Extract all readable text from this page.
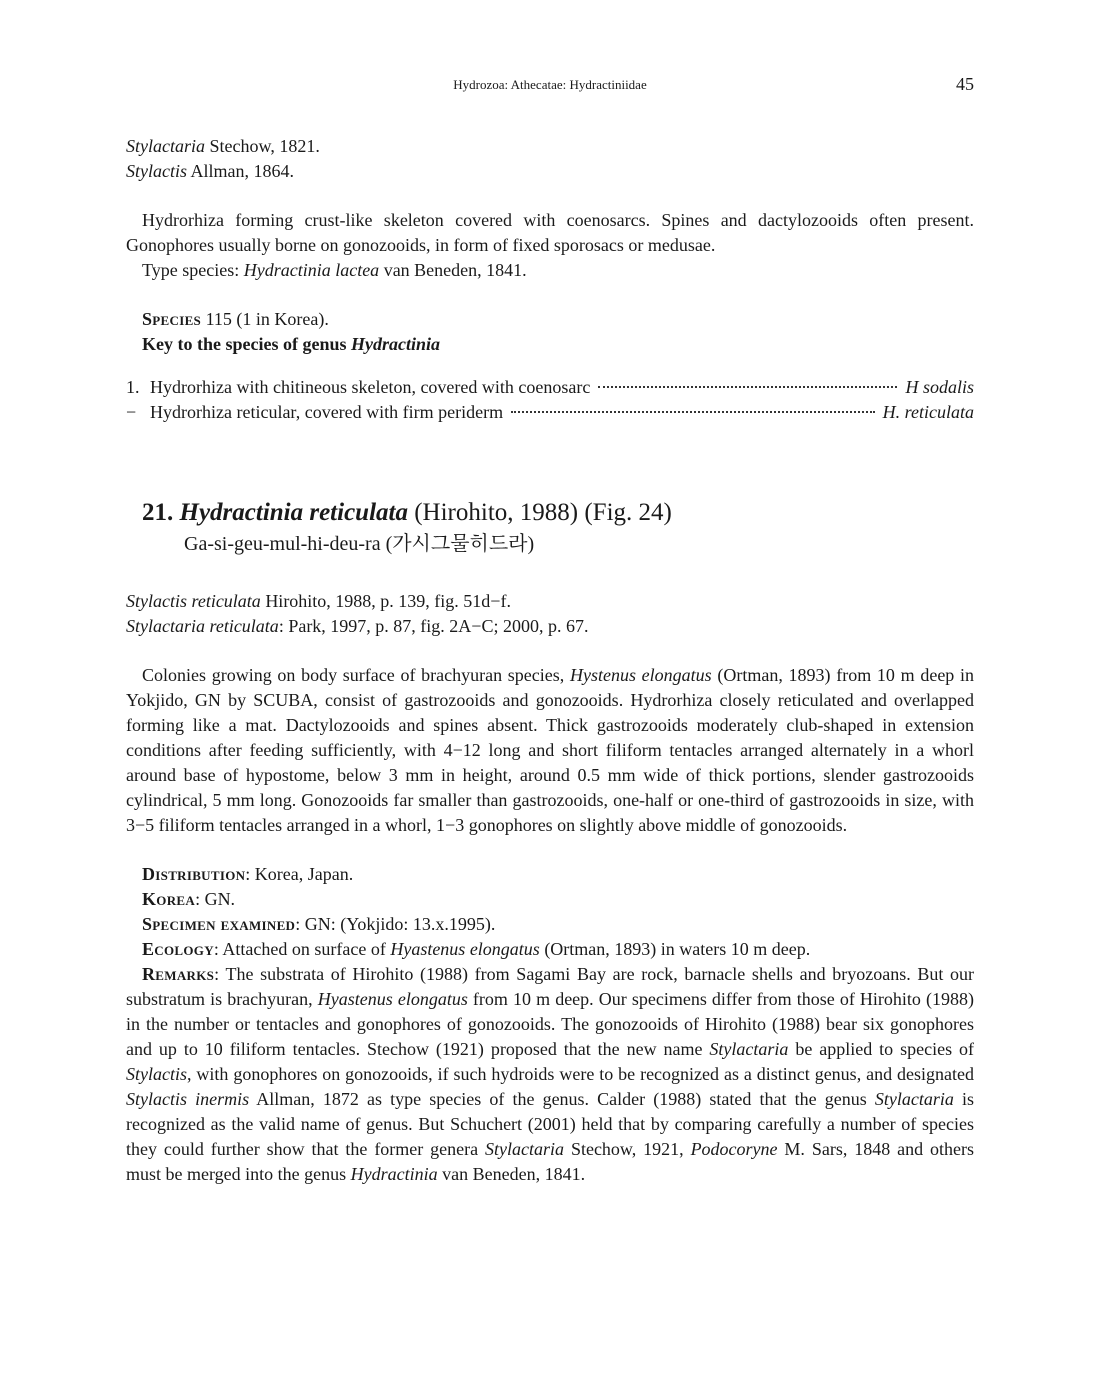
Hydrozoa: Athecatae: Hydractiniidae	45

Stylactaria Stechow, 1821.

Stylactis Allman, 1864.

Hydrorhiza forming crust-like skeleton covered with coenosarcs. Spines and dactylozooids often present. Gonophores usually borne on gonozooids, in form of fixed sporosacs or medusae.

Type species: Hydractinia lactea van Beneden, 1841.

Species 115 (1 in Korea).

Key to the species of genus Hydractinia

1. Hydrorhiza with chitineous skeleton, covered with coenosarc	H sodalis
− Hydrorhiza reticular, covered with firm periderm	H. reticulata
21. Hydractinia reticulata (Hirohito, 1988) (Fig. 24)
Ga-si-geu-mul-hi-deu-ra (가시그물히드라)

Stylactis reticulata Hirohito, 1988, p. 139, fig. 51d−f.

Stylactaria reticulata: Park, 1997, p. 87, fig. 2A−C; 2000, p. 67.

Colonies growing on body surface of brachyuran species, Hystenus elongatus (Ortman, 1893) from 10 m deep in Yokjido, GN by SCUBA, consist of gastrozooids and gonozooids. Hydrorhiza closely reticulated and overlapped forming like a mat. Dactylozooids and spines absent. Thick gastrozooids moderately club-shaped in extension conditions after feeding sufficiently, with 4−12 long and short filiform tentacles arranged alternately in a whorl around base of hypostome, below 3 mm in height, around 0.5 mm wide of thick portions, slender gastrozooids cylindrical, 5 mm long. Gonozooids far smaller than gastrozooids, one-half or one-third of gastrozooids in size, with 3−5 filiform tentacles arranged in a whorl, 1−3 gonophores on slightly above middle of gonozooids.

Distribution: Korea, Japan.

Korea: GN.

Specimen examined: GN: (Yokjido: 13.x.1995).

Ecology: Attached on surface of Hyastenus elongatus (Ortman, 1893) in waters 10 m deep.

Remarks: The substrata of Hirohito (1988) from Sagami Bay are rock, barnacle shells and bryozoans. But our substratum is brachyuran, Hyastenus elongatus from 10 m deep. Our specimens differ from those of Hirohito (1988) in the number or tentacles and gonophores of gonozooids. The gonozooids of Hirohito (1988) bear six gonophores and up to 10 filiform tentacles. Stechow (1921) proposed that the new name Stylactaria be applied to species of Stylactis, with gonophores on gonozooids, if such hydroids were to be recognized as a distinct genus, and designated Stylactis inermis Allman, 1872 as type species of the genus. Calder (1988) stated that the genus Stylactaria is recognized as the valid name of genus. But Schuchert (2001) held that by comparing carefully a number of species they could further show that the former genera Stylactaria Stechow, 1921, Podocoryne M. Sars, 1848 and others must be merged into the genus Hydractinia van Beneden, 1841.
